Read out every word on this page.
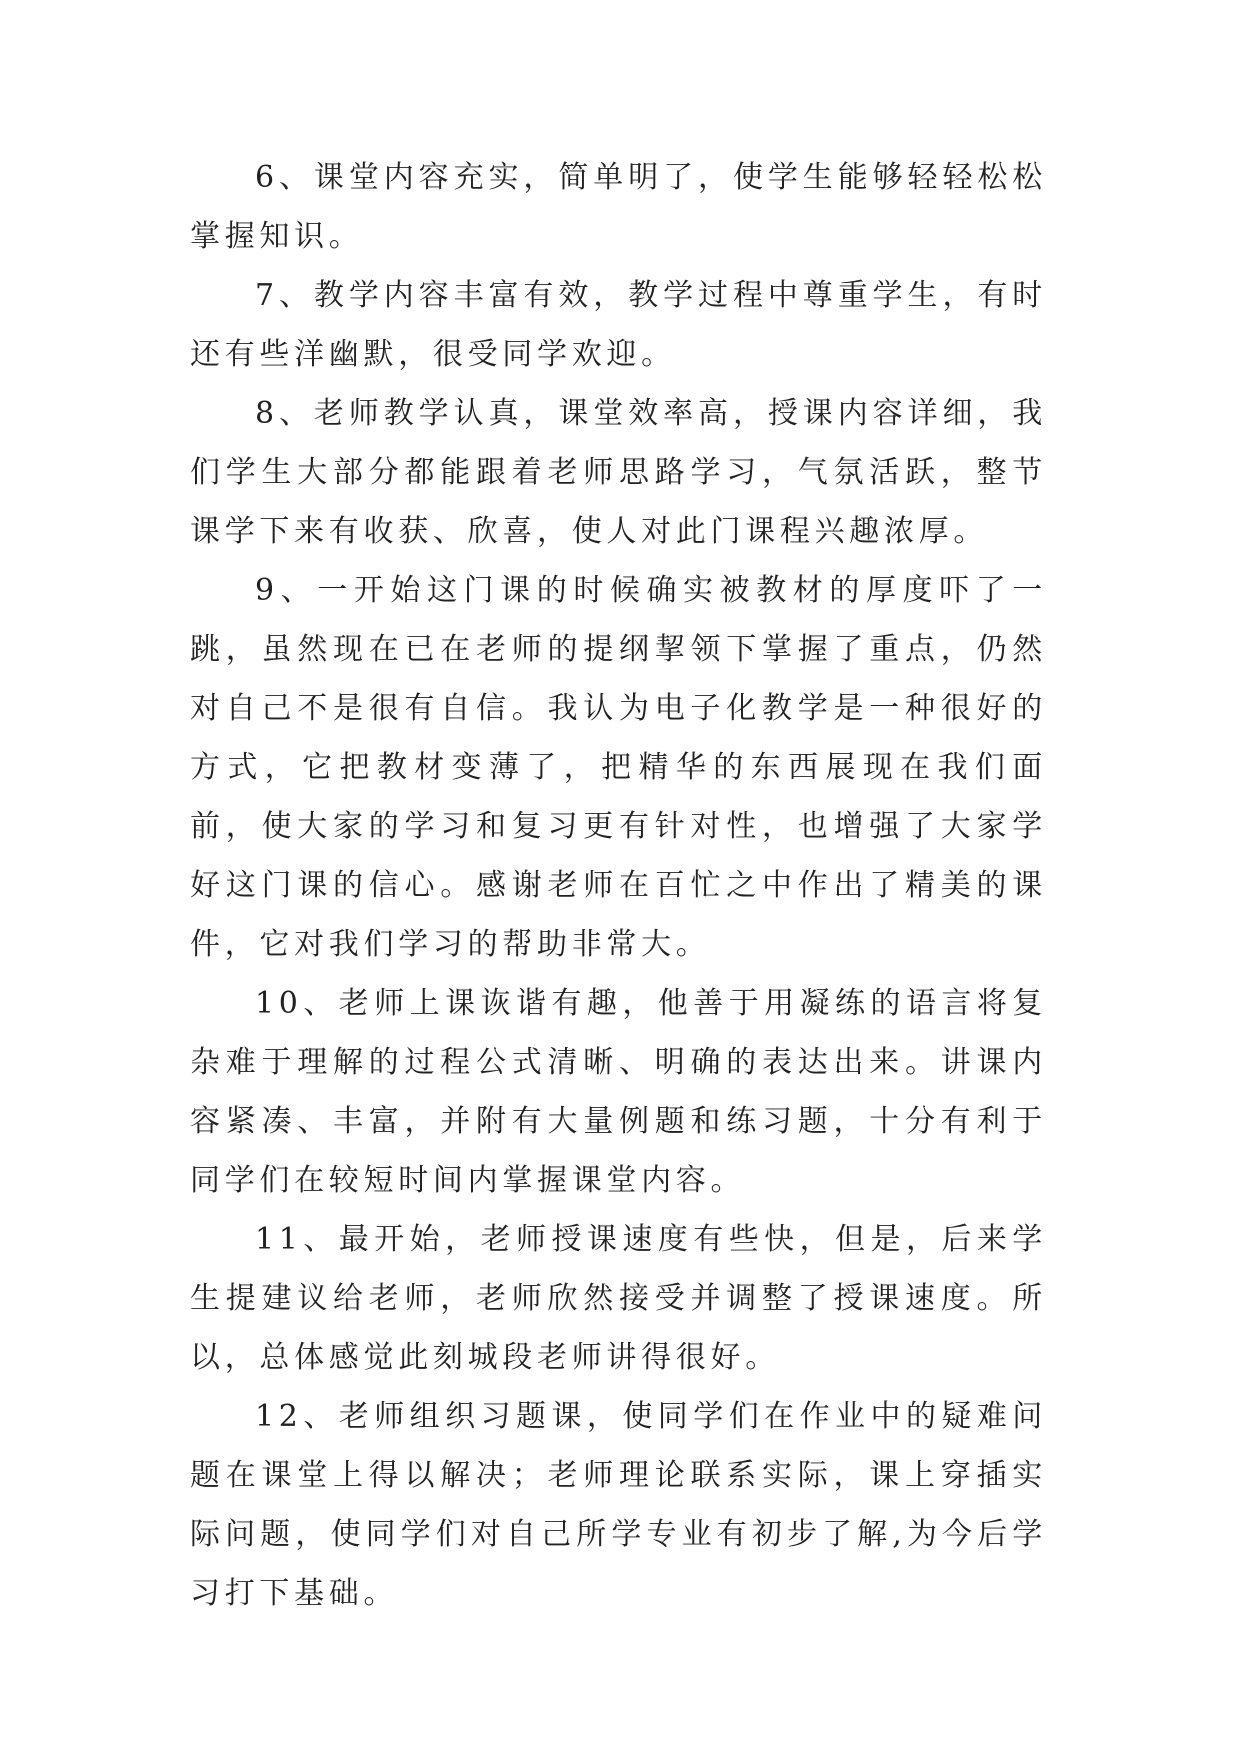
6、课堂内容充实，简单明了，使学生能够轻轻松松掌握知识。

7、教学内容丰富有效，教学过程中尊重学生，有时还有些洋幽默，很受同学欢迎。

8、老师教学认真，课堂效率高，授课内容详细，我们学生大部分都能跟着老师思路学习，气氛活跃，整节课学下来有收获、欣喜，使人对此门课程兴趣浓厚。

9、一开始这门课的时候确实被教材的厚度吓了一跳，虽然现在已在老师的提纲挈领下掌握了重点，仍然对自己不是很有自信。我认为电子化教学是一种很好的方式，它把教材变薄了，把精华的东西展现在我们面前，使大家的学习和复习更有针对性，也增强了大家学好这门课的信心。感谢老师在百忙之中作出了精美的课件，它对我们学习的帮助非常大。

10、老师上课诙谐有趣，他善于用凝练的语言将复杂难于理解的过程公式清晰、明确的表达出来。讲课内容紧凑、丰富，并附有大量例题和练习题，十分有利于同学们在较短时间内掌握课堂内容。

11、最开始，老师授课速度有些快，但是，后来学生提建议给老师，老师欣然接受并调整了授课速度。所以，总体感觉此刻城段老师讲得很好。

12、老师组织习题课，使同学们在作业中的疑难问题在课堂上得以解决；老师理论联系实际，课上穿插实际问题，使同学们对自己所学专业有初步了解,为今后学习打下基础。
